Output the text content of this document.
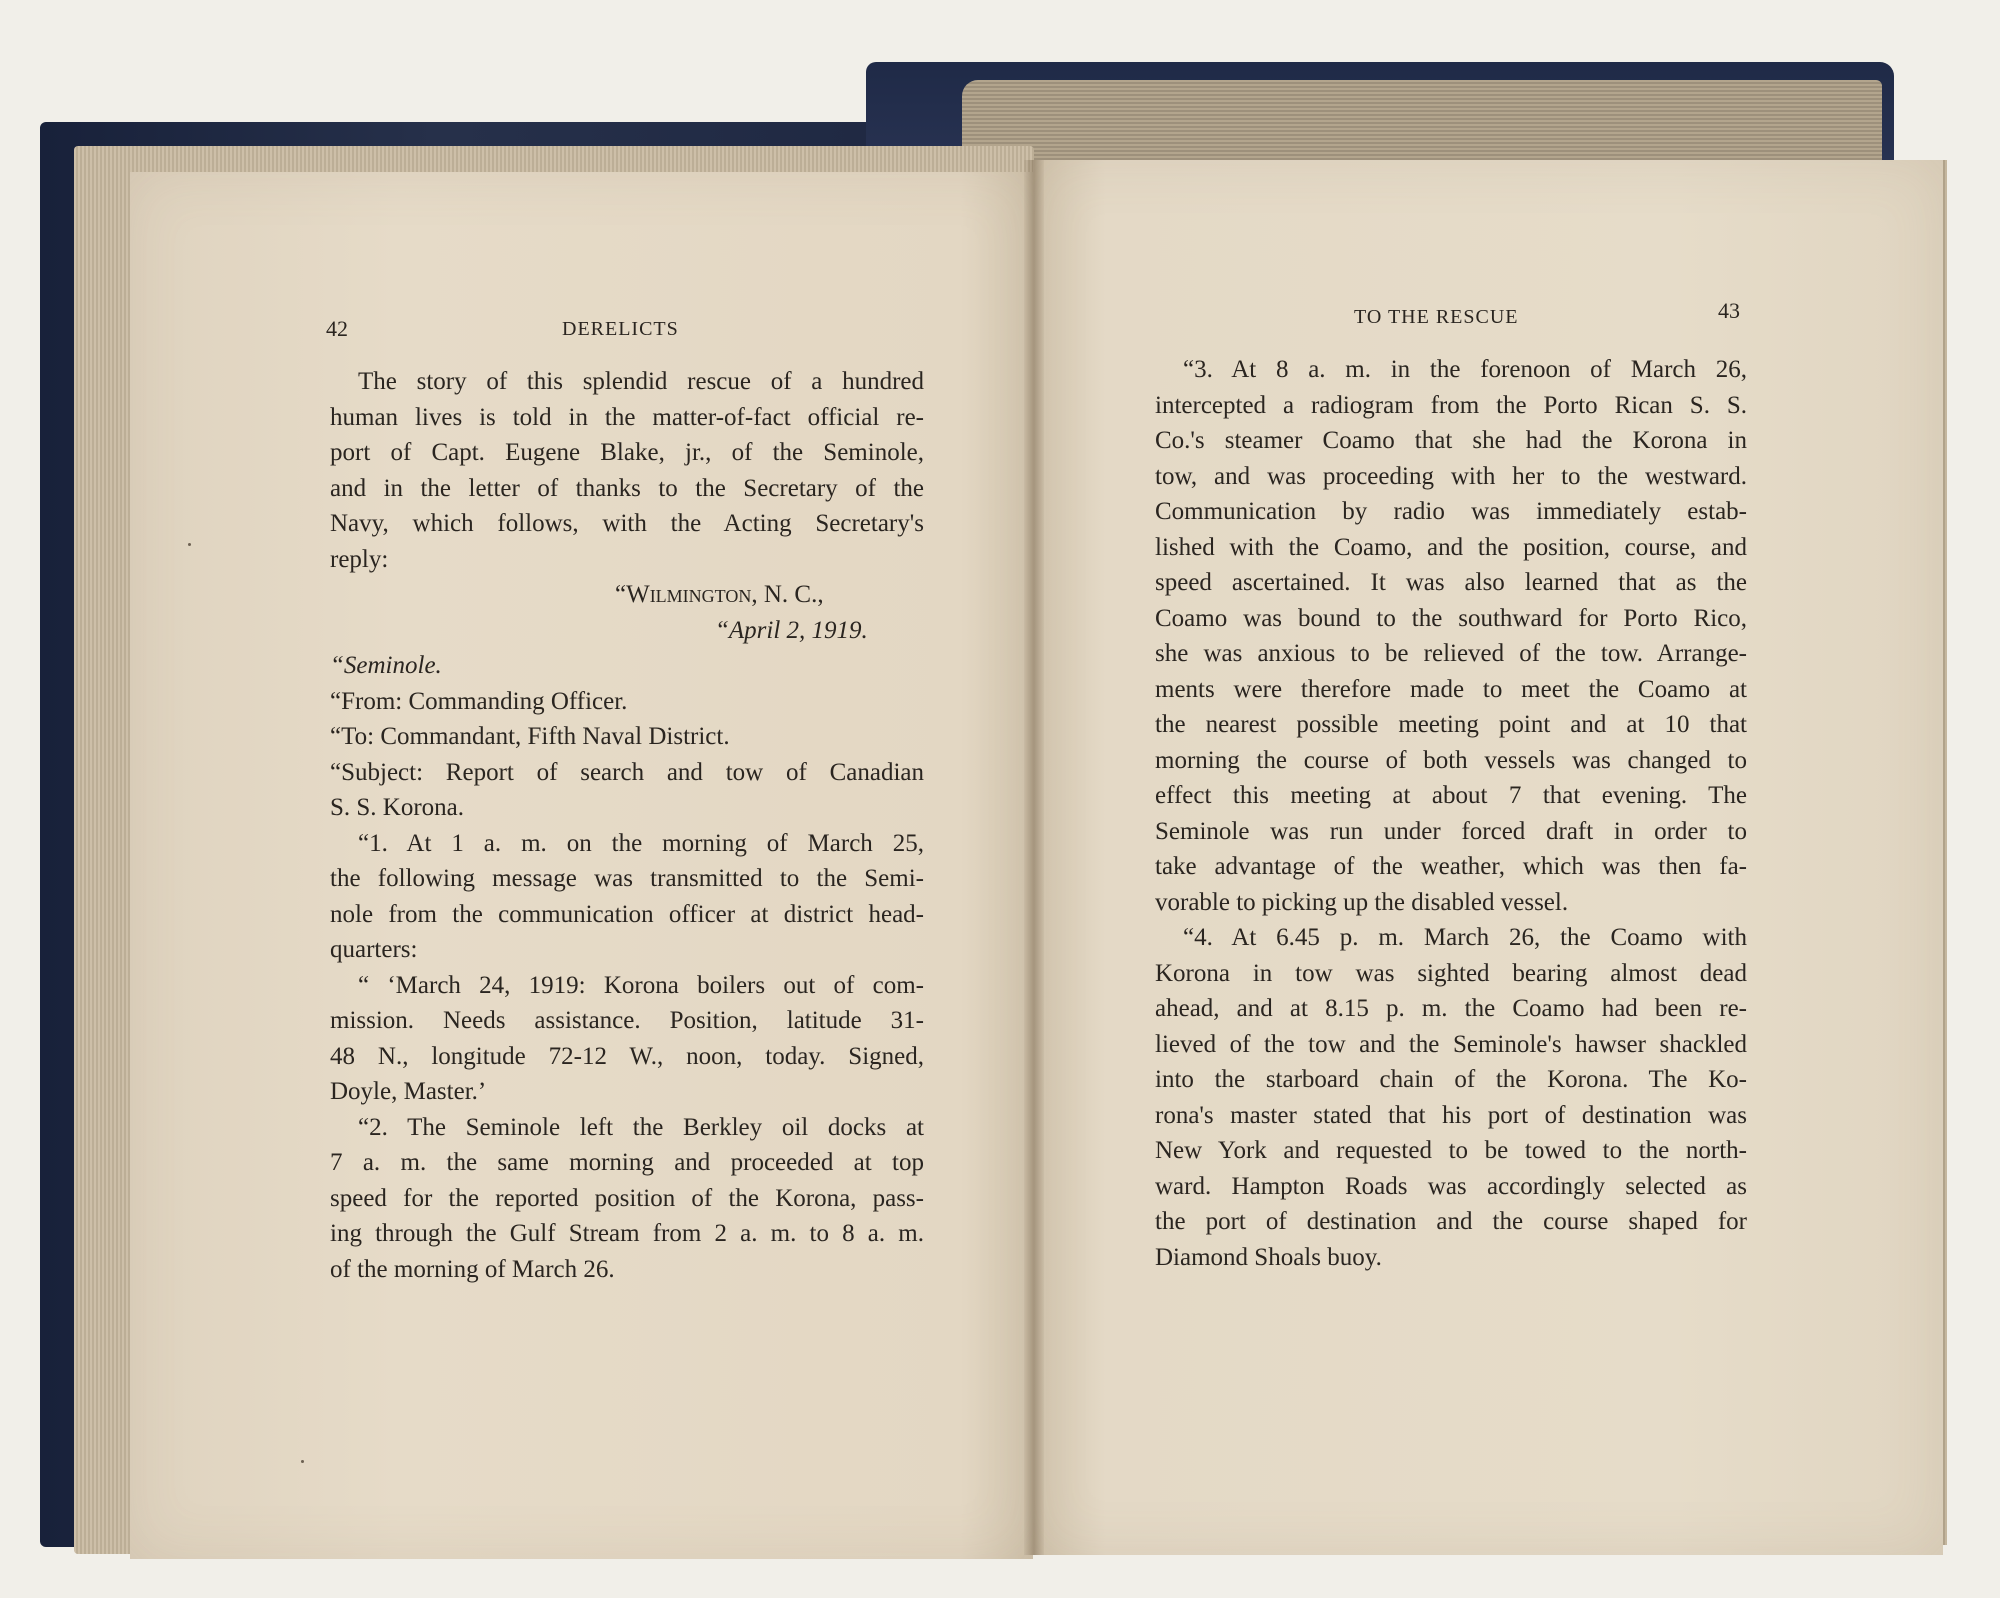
42	DERELICTS
The story of this splendid rescue of a hundred
human lives is told in the matter-of-fact official re-
port of Capt. Eugene Blake, jr., of the Seminole,
and in the letter of thanks to the Secretary of the
Navy, which follows, with the Acting Secretary's
reply:
“Wilmington, N. C.,
“April 2, 1919.
“Seminole.
“From: Commanding Officer.
“To: Commandant, Fifth Naval District.
“Subject: Report of search and tow of Canadian
S. S. Korona.
“1. At 1 a. m. on the morning of March 25,
the following message was transmitted to the Semi-
nole from the communication officer at district head-
quarters:
“ ‘March 24, 1919: Korona boilers out of com-
mission. Needs assistance. Position, latitude 31-
48 N., longitude 72-12 W., noon, today. Signed,
Doyle, Master.’
“2. The Seminole left the Berkley oil docks at
7 a. m. the same morning and proceeded at top
speed for the reported position of the Korona, pass-
ing through the Gulf Stream from 2 a. m. to 8 a. m.
of the morning of March 26.
TO THE RESCUE	43
“3. At 8 a. m. in the forenoon of March 26,
intercepted a radiogram from the Porto Rican S. S.
Co.'s steamer Coamo that she had the Korona in
tow, and was proceeding with her to the westward.
Communication by radio was immediately estab-
lished with the Coamo, and the position, course, and
speed ascertained. It was also learned that as the
Coamo was bound to the southward for Porto Rico,
she was anxious to be relieved of the tow. Arrange-
ments were therefore made to meet the Coamo at
the nearest possible meeting point and at 10 that
morning the course of both vessels was changed to
effect this meeting at about 7 that evening. The
Seminole was run under forced draft in order to
take advantage of the weather, which was then fa-
vorable to picking up the disabled vessel.
“4. At 6.45 p. m. March 26, the Coamo with
Korona in tow was sighted bearing almost dead
ahead, and at 8.15 p. m. the Coamo had been re-
lieved of the tow and the Seminole's hawser shackled
into the starboard chain of the Korona. The Ko-
rona's master stated that his port of destination was
New York and requested to be towed to the north-
ward. Hampton Roads was accordingly selected as
the port of destination and the course shaped for
Diamond Shoals buoy.
